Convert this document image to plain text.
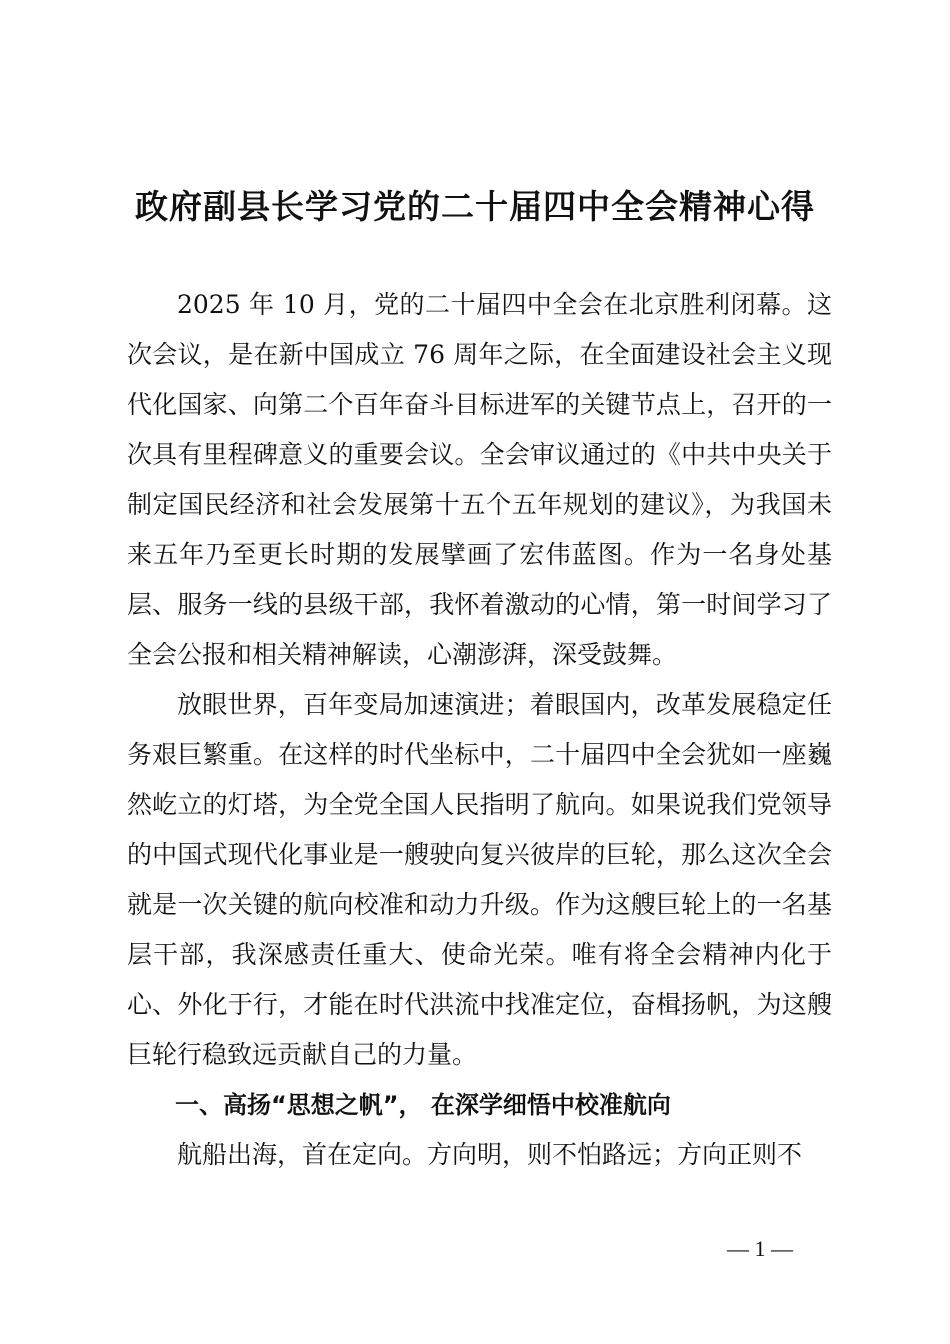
政府副县长学习党的二十届四中全会精神心得

2025 年 10 月，党的二十届四中全会在北京胜利闭幕。这次会议，是在新中国成立 76 周年之际，在全面建设社会主义现代化国家、向第二个百年奋斗目标进军的关键节点上，召开的一次具有里程碑意义的重要会议。全会审议通过的《中共中央关于制定国民经济和社会发展第十五个五年规划的建议》，为我国未来五年乃至更长时期的发展擘画了宏伟蓝图。作为一名身处基层、服务一线的县级干部，我怀着激动的心情，第一时间学习了全会公报和相关精神解读，心潮澎湃，深受鼓舞。

放眼世界，百年变局加速演进；着眼国内，改革发展稳定任务艰巨繁重。在这样的时代坐标中，二十届四中全会犹如一座巍然屹立的灯塔，为全党全国人民指明了航向。如果说我们党领导的中国式现代化事业是一艘驶向复兴彼岸的巨轮，那么这次全会就是一次关键的航向校准和动力升级。作为这艘巨轮上的一名基层干部，我深感责任重大、使命光荣。唯有将全会精神内化于心、外化于行，才能在时代洪流中找准定位，奋楫扬帆，为这艘巨轮行稳致远贡献自己的力量。

一、高扬“思想之帆”， 在深学细悟中校准航向

航船出海，首在定向。方向明，则不怕路远；方向正则不

— 1 —
